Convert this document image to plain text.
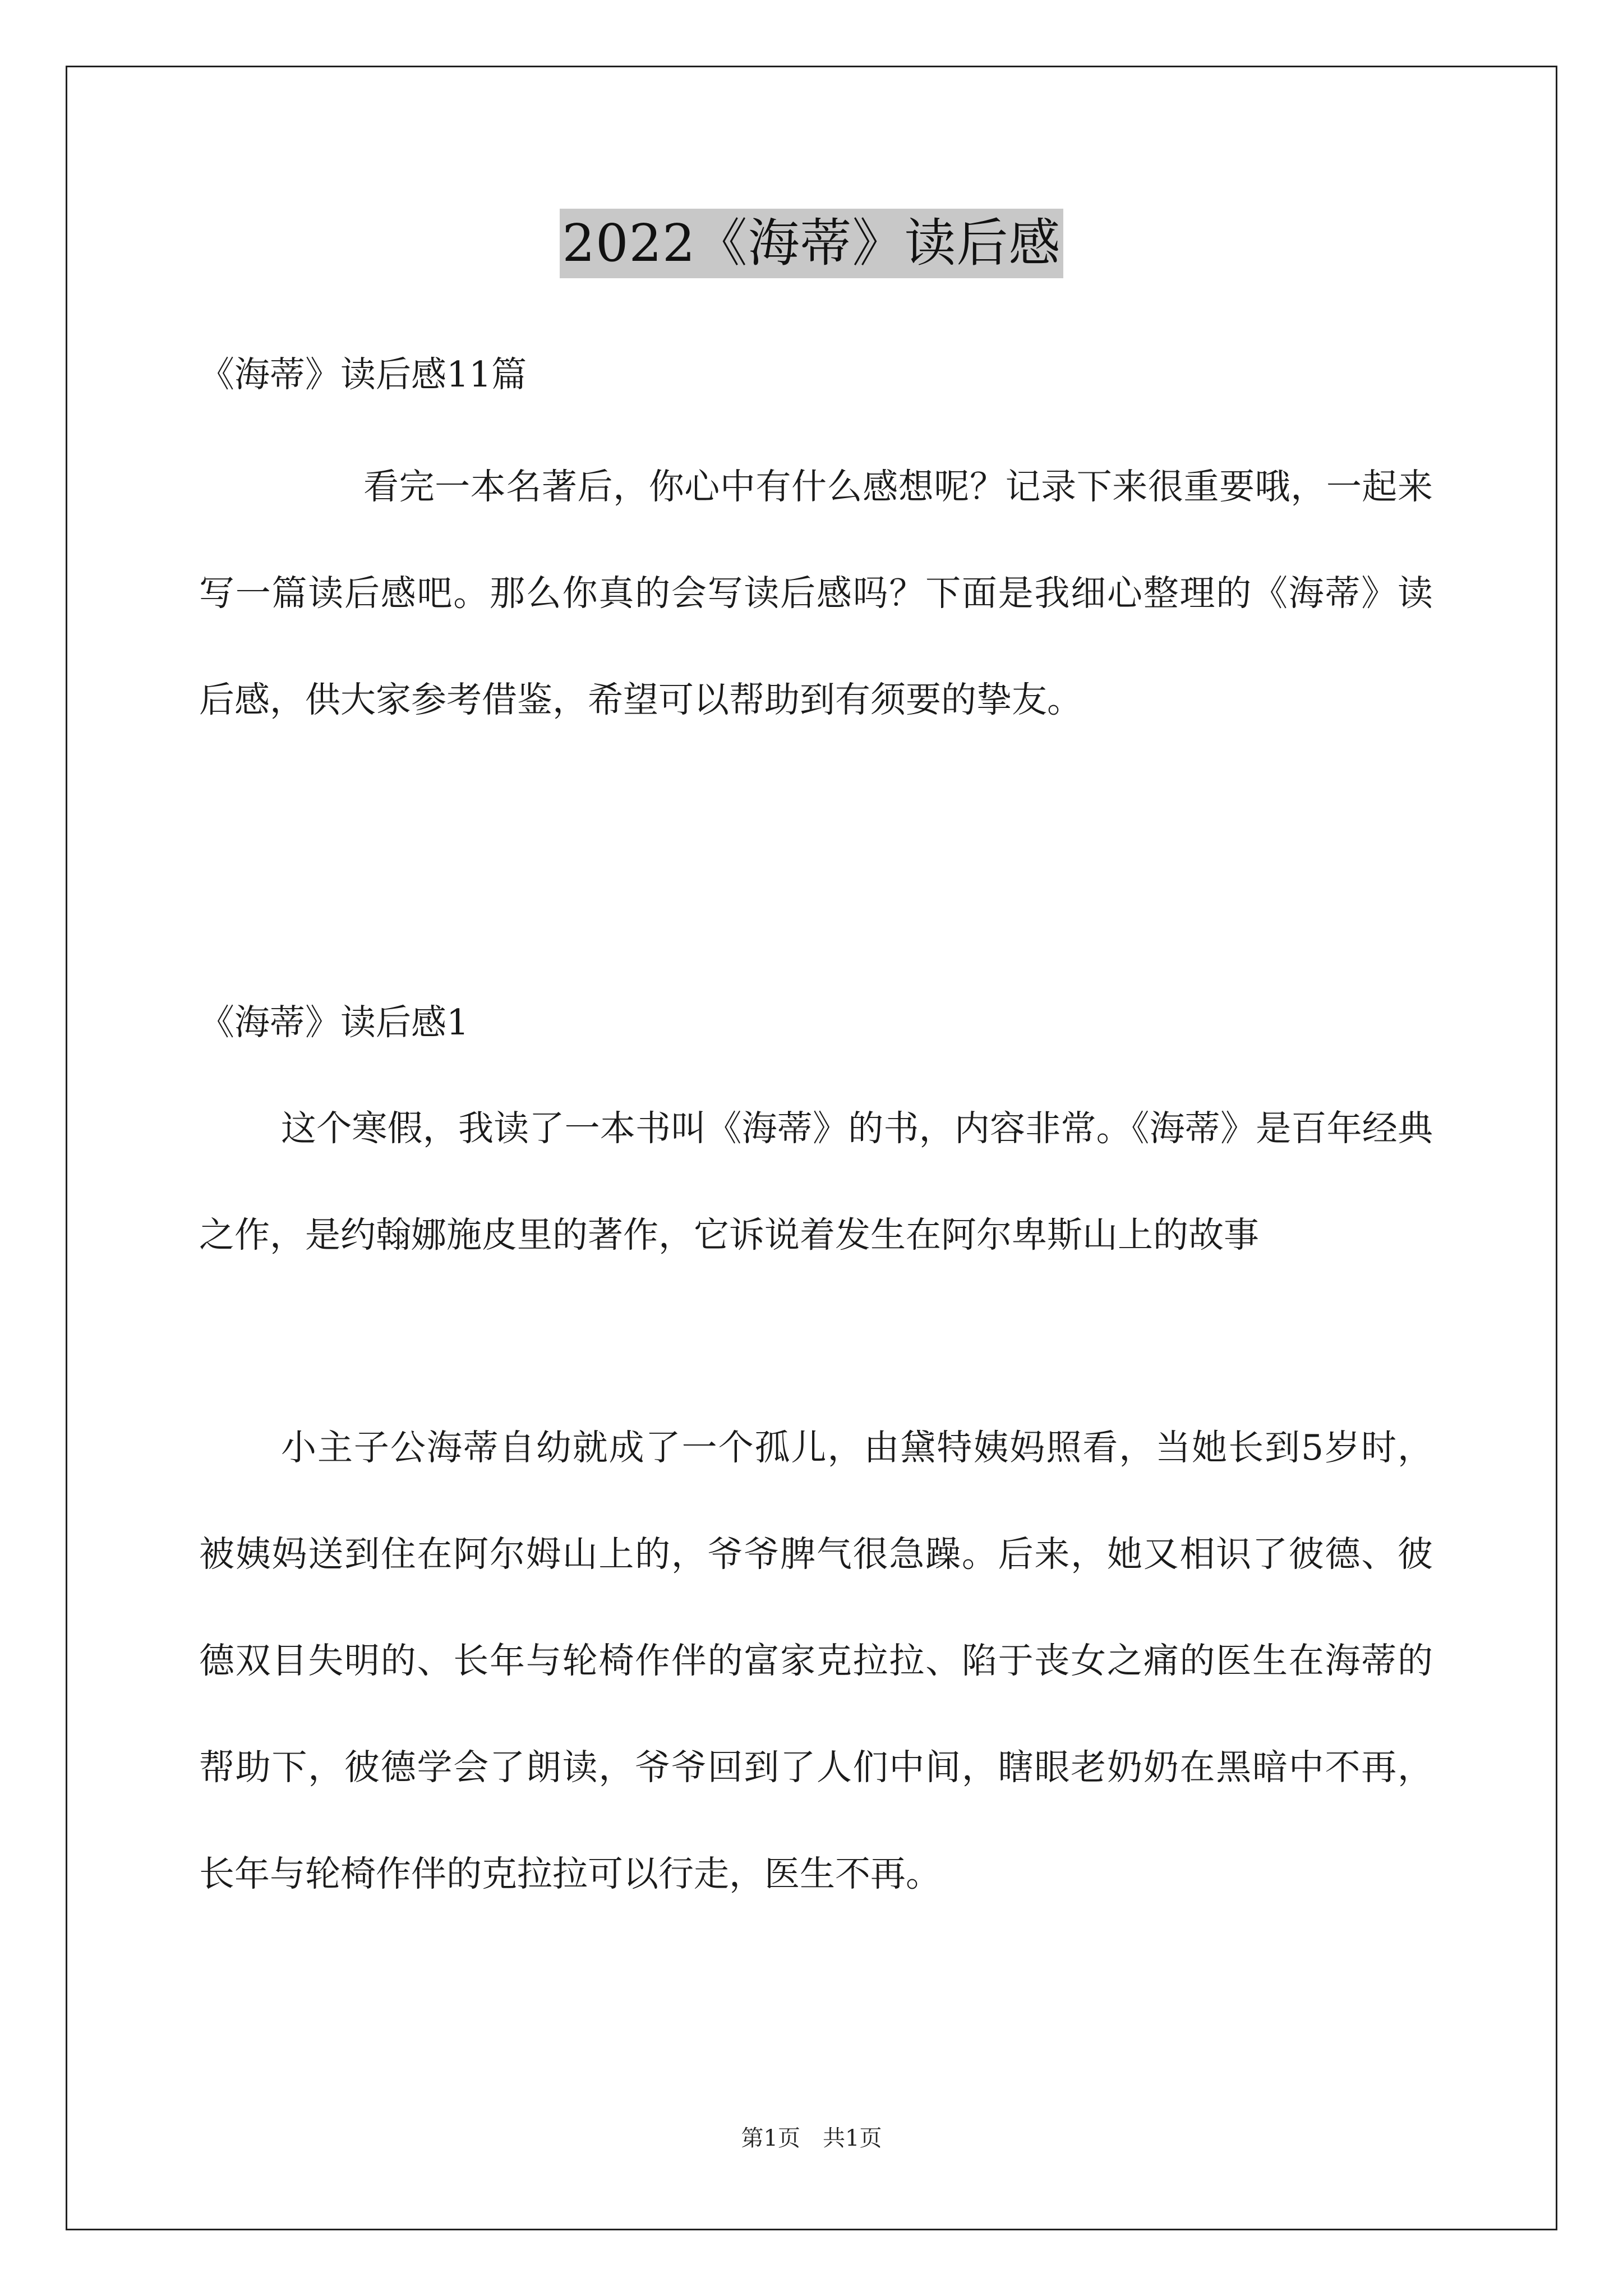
2022《海蒂》读后感
《海蒂》读后感11篇
看完一本名著后，你心中有什么感想呢？记录下来很重要哦，一起来写一篇读后感吧。那么你真的会写读后感吗？下面是我细心整理的《海蒂》读后感，供大家参考借鉴，希望可以帮助到有须要的挚友。
《海蒂》读后感1
这个寒假，我读了一本书叫《海蒂》的书，内容非常。《海蒂》是百年经典之作，是约翰娜施皮里的著作，它诉说着发生在阿尔卑斯山上的故事
小主子公海蒂自幼就成了一个孤儿，由黛特姨妈照看，当她长到5岁时，被姨妈送到住在阿尔姆山上的，爷爷脾气很急躁。后来，她又相识了彼德、彼德双目失明的、长年与轮椅作伴的富家克拉拉、陷于丧女之痛的医生在海蒂的帮助下，彼德学会了朗读，爷爷回到了人们中间，瞎眼老奶奶在黑暗中不再，长年与轮椅作伴的克拉拉可以行走，医生不再。
第1页　共1页
